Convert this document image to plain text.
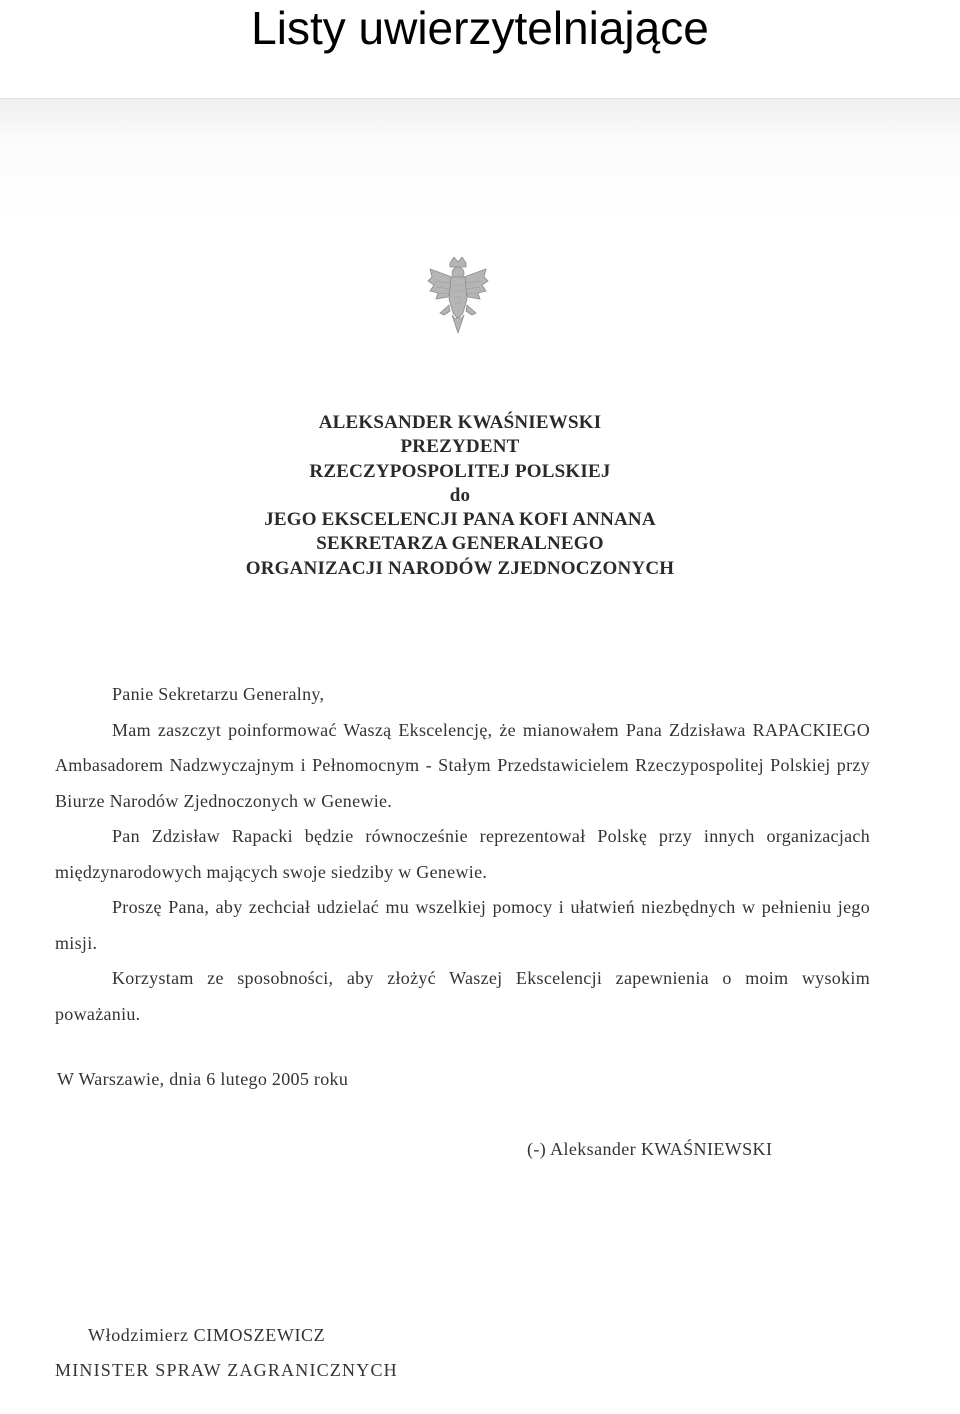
Listy uwierzytelniające
ALEKSANDER KWAŚNIEWSKI
PREZYDENT
RZECZYPOSPOLITEJ POLSKIEJ
do
JEGO EKSCELENCJI PANA KOFI ANNANA
SEKRETARZA GENERALNEGO
ORGANIZACJI NARODÓW ZJEDNOCZONYCH

Panie Sekretarzu Generalny,

Mam zaszczyt poinformować Waszą Ekscelencję, że mianowałem Pana Zdzisława RAPACKIEGO Ambasadorem Nadzwyczajnym i Pełnomocnym - Stałym Przedstawicielem Rzeczypospolitej Polskiej przy Biurze Narodów Zjednoczonych w Genewie.

Pan Zdzisław Rapacki będzie równocześnie reprezentował Polskę przy innych organizacjach międzynarodowych mających swoje siedziby w Genewie.

Proszę Pana, aby zechciał udzielać mu wszelkiej pomocy i ułatwień niezbędnych w pełnieniu jego misji.

Korzystam ze sposobności, aby złożyć Waszej Ekscelencji zapewnienia o moim wysokim poważaniu.

W Warszawie, dnia 6 lutego 2005 roku
(-) Aleksander KWAŚNIEWSKI
Włodzimierz CIMOSZEWICZ
MINISTER SPRAW ZAGRANICZNYCH
